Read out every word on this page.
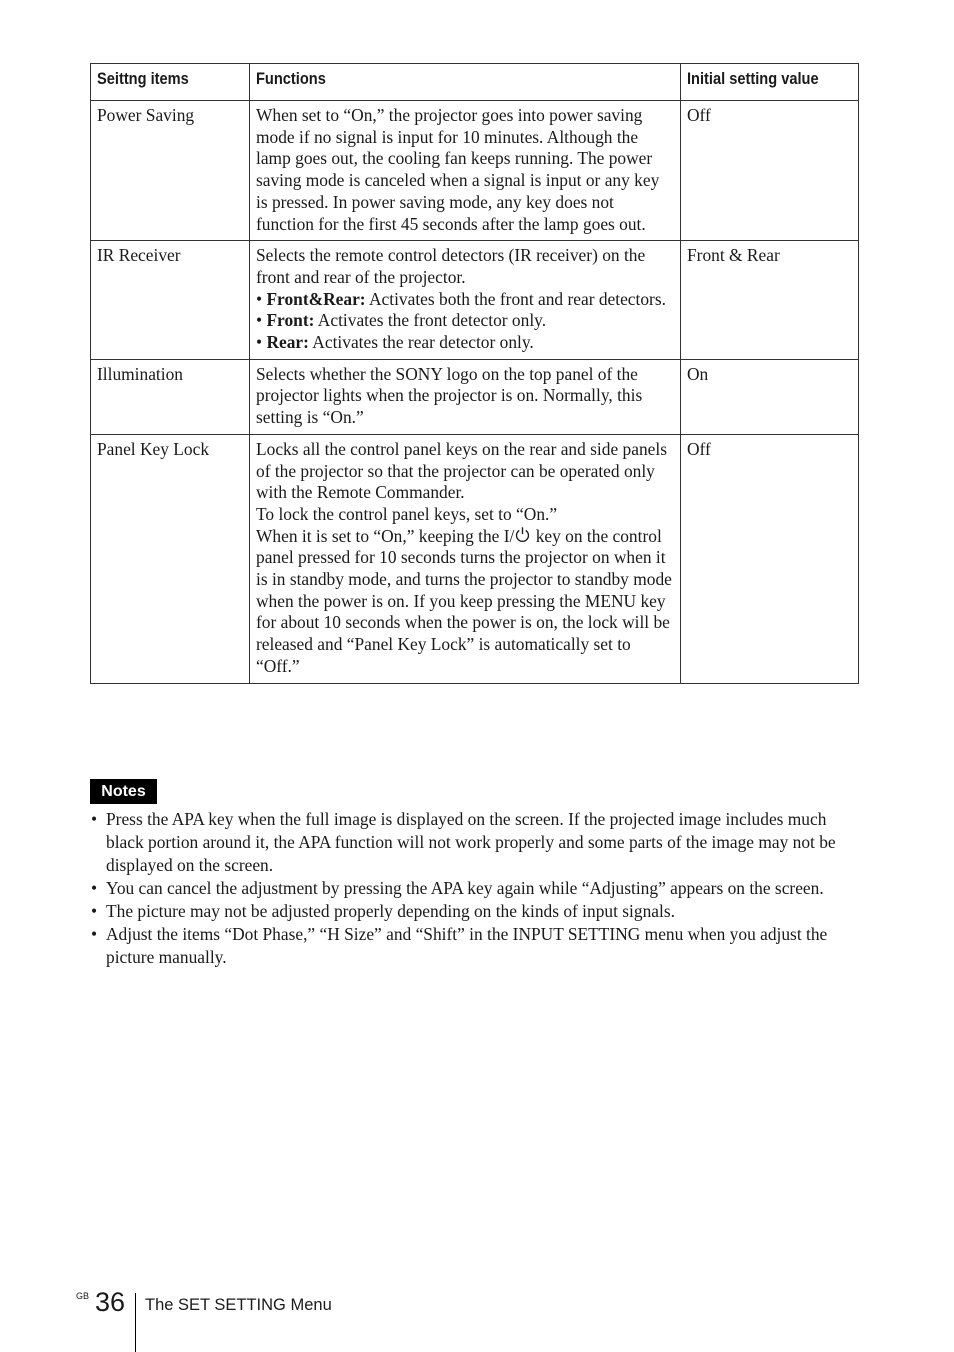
Seittng items	Functions	Initial setting value
Power Saving	When set to “On,” the projector goes into power saving mode if no signal is input for 10 minutes. Although the lamp goes out, the cooling fan keeps running. The power saving mode is canceled when a signal is input or any key is pressed. In power saving mode, any key does not function for the first 45 seconds after the lamp goes out.	Off
IR Receiver	Selects the remote control detectors (IR receiver) on the front and rear of the projector.
• Front&Rear: Activates both the front and rear detectors.
• Front: Activates the front detector only.
• Rear: Activates the rear detector only.	Front & Rear
Illumination	Selects whether the SONY logo on the top panel of the projector lights when the projector is on. Normally, this setting is “On.”	On
Panel Key Lock	Locks all the control panel keys on the rear and side panels of the projector so that the projector can be operated only with the Remote Commander.
To lock the control panel keys, set to “On.”
When it is set to “On,” keeping the I/ key on the control panel pressed for 10 seconds turns the projector on when it is in standby mode, and turns the projector to standby mode when the power is on. If you keep pressing the MENU key for about 10 seconds when the power is on, the lock will be released and “Panel Key Lock” is automatically set to “Off.”	Off
Notes
• Press the APA key when the full image is displayed on the screen. If the projected image includes much black portion around it, the APA function will not work properly and some parts of the image may not be displayed on the screen.
• You can cancel the adjustment by pressing the APA key again while “Adjusting” appears on the screen.
• The picture may not be adjusted properly depending on the kinds of input signals.
• Adjust the items “Dot Phase,” “H Size” and “Shift” in the INPUT SETTING menu when you adjust the picture manually.
GB 36 The SET SETTING Menu
